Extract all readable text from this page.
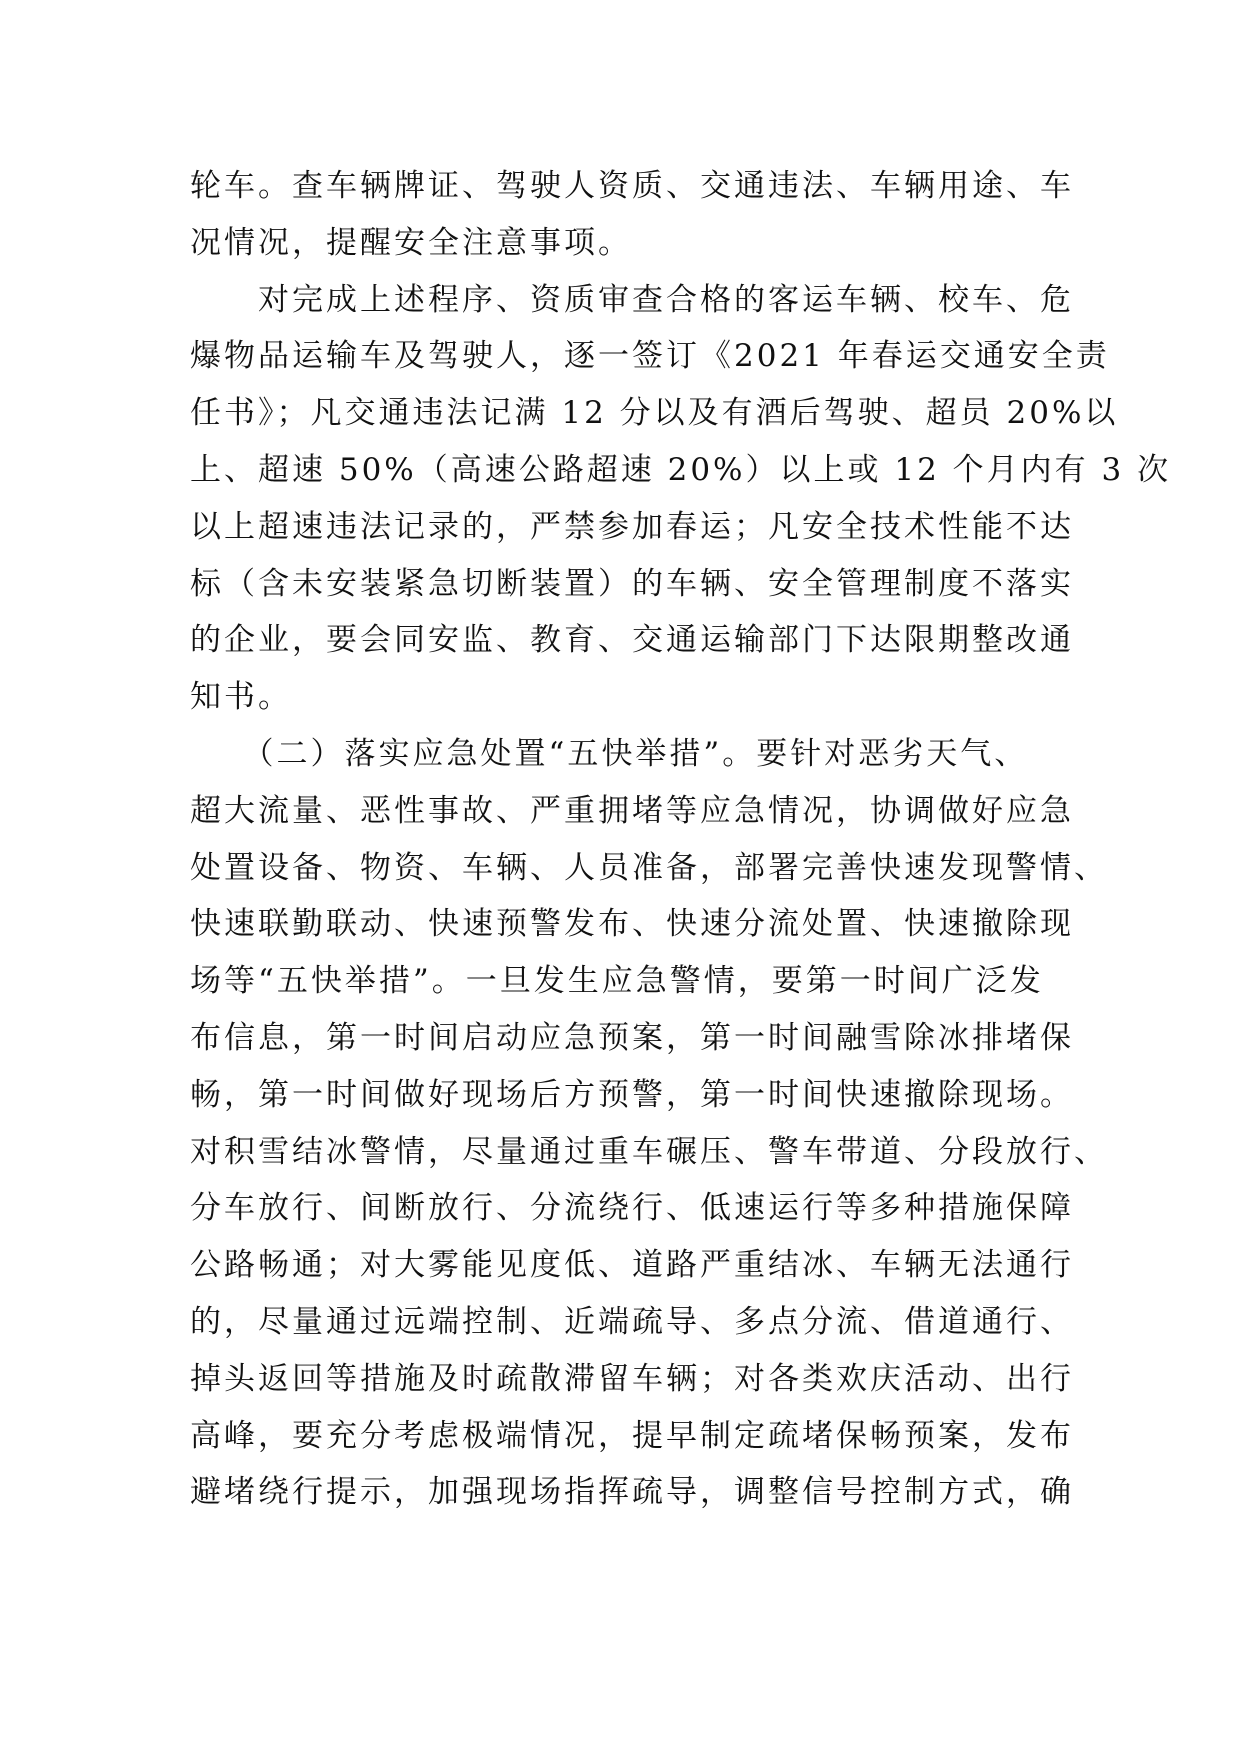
轮车。查车辆牌证、驾驶人资质、交通违法、车辆用途、车
况情况，提醒安全注意事项。
　　对完成上述程序、资质审查合格的客运车辆、校车、危
爆物品运输车及驾驶人，逐一签订《2021 年春运交通安全责
任书》；凡交通违法记满 12 分以及有酒后驾驶、超员 20%以
上、超速 50%（高速公路超速 20%）以上或 12 个月内有 3 次
以上超速违法记录的，严禁参加春运；凡安全技术性能不达
标（含未安装紧急切断装置）的车辆、安全管理制度不落实
的企业，要会同安监、教育、交通运输部门下达限期整改通
知书。
　　（二）落实应急处置“五快举措”。要针对恶劣天气、
超大流量、恶性事故、严重拥堵等应急情况，协调做好应急
处置设备、物资、车辆、人员准备，部署完善快速发现警情、
快速联勤联动、快速预警发布、快速分流处置、快速撤除现
场等“五快举措”。一旦发生应急警情，要第一时间广泛发
布信息，第一时间启动应急预案，第一时间融雪除冰排堵保
畅，第一时间做好现场后方预警，第一时间快速撤除现场。
对积雪结冰警情，尽量通过重车碾压、警车带道、分段放行、
分车放行、间断放行、分流绕行、低速运行等多种措施保障
公路畅通；对大雾能见度低、道路严重结冰、车辆无法通行
的，尽量通过远端控制、近端疏导、多点分流、借道通行、
掉头返回等措施及时疏散滞留车辆；对各类欢庆活动、出行
高峰，要充分考虑极端情况，提早制定疏堵保畅预案，发布
避堵绕行提示，加强现场指挥疏导，调整信号控制方式，确
